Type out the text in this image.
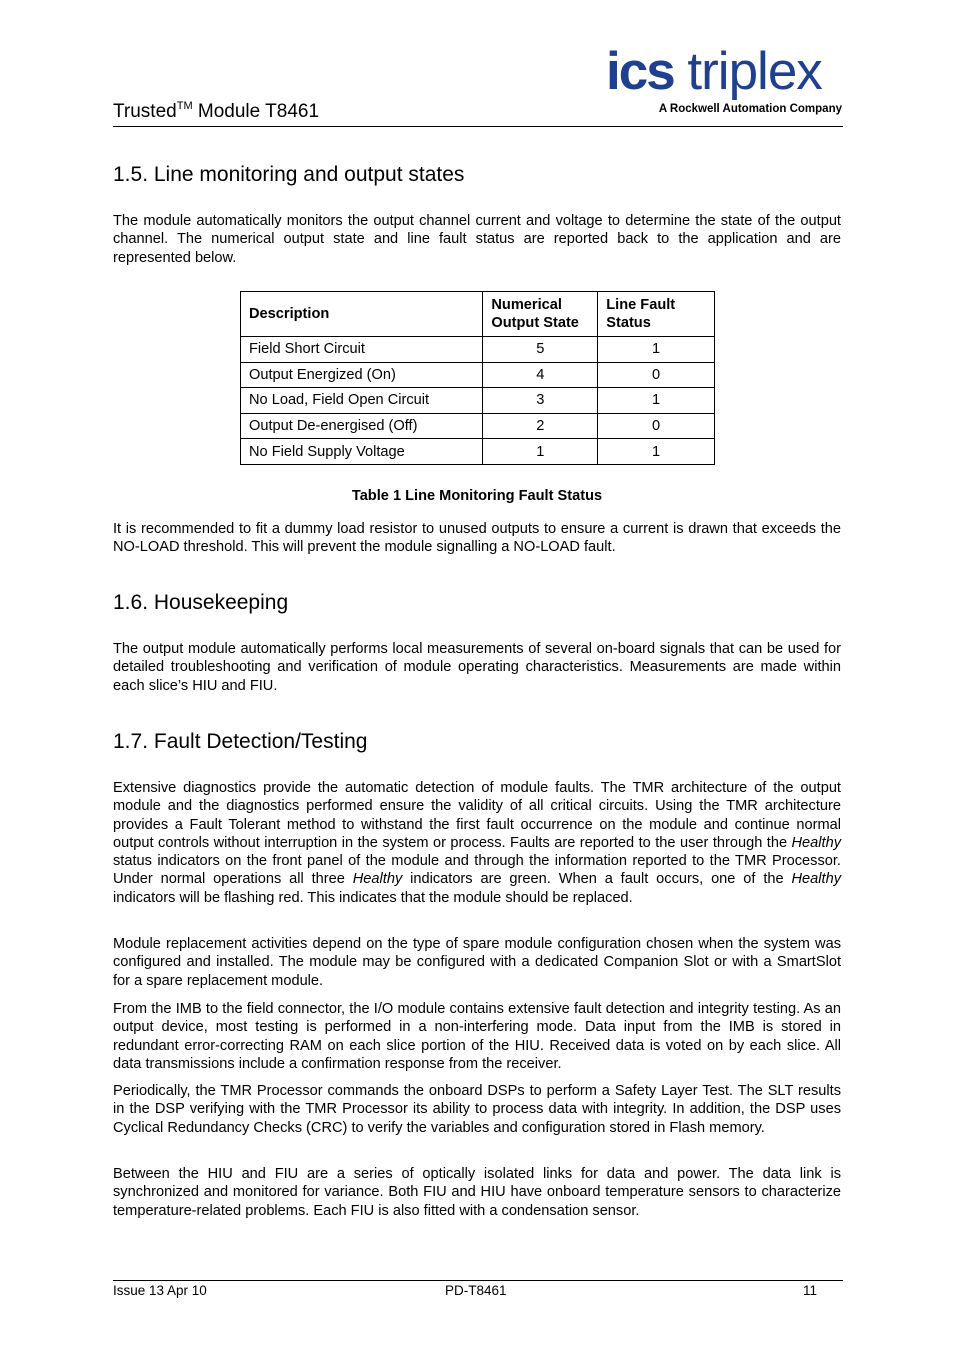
Trusted™ Module T8461
ics triplex
A Rockwell Automation Company
1.5. Line monitoring and output states

The module automatically monitors the output channel current and voltage to determine the state of the output channel. The numerical output state and line fault status are reported back to the application and are represented below.

Description	Numerical Output State	Line Fault Status
Field Short Circuit	5	1
Output Energized (On)	4	0
No Load, Field Open Circuit	3	1
Output De-energised (Off)	2	0
No Field Supply Voltage	1	1
Table 1 Line Monitoring Fault Status

It is recommended to fit a dummy load resistor to unused outputs to ensure a current is drawn that exceeds the NO-LOAD threshold. This will prevent the module signalling a NO-LOAD fault.

1.6. Housekeeping

The output module automatically performs local measurements of several on-board signals that can be used for detailed troubleshooting and verification of module operating characteristics. Measurements are made within each slice’s HIU and FIU.

1.7. Fault Detection/Testing

Extensive diagnostics provide the automatic detection of module faults. The TMR architecture of the output module and the diagnostics performed ensure the validity of all critical circuits. Using the TMR architecture provides a Fault Tolerant method to withstand the first fault occurrence on the module and continue normal output controls without interruption in the system or process. Faults are reported to the user through the Healthy status indicators on the front panel of the module and through the information reported to the TMR Processor. Under normal operations all three Healthy indicators are green. When a fault occurs, one of the Healthy indicators will be flashing red. This indicates that the module should be replaced.

Module replacement activities depend on the type of spare module configuration chosen when the system was configured and installed. The module may be configured with a dedicated Companion Slot or with a SmartSlot for a spare replacement module.

From the IMB to the field connector, the I/O module contains extensive fault detection and integrity testing. As an output device, most testing is performed in a non-interfering mode. Data input from the IMB is stored in redundant error-correcting RAM on each slice portion of the HIU. Received data is voted on by each slice. All data transmissions include a confirmation response from the receiver.

Periodically, the TMR Processor commands the onboard DSPs to perform a Safety Layer Test. The SLT results in the DSP verifying with the TMR Processor its ability to process data with integrity. In addition, the DSP uses Cyclical Redundancy Checks (CRC) to verify the variables and configuration stored in Flash memory.

Between the HIU and FIU are a series of optically isolated links for data and power. The data link is synchronized and monitored for variance. Both FIU and HIU have onboard temperature sensors to characterize temperature-related problems. Each FIU is also fitted with a condensation sensor.

Issue 13 Apr 10	PD-T8461	11
